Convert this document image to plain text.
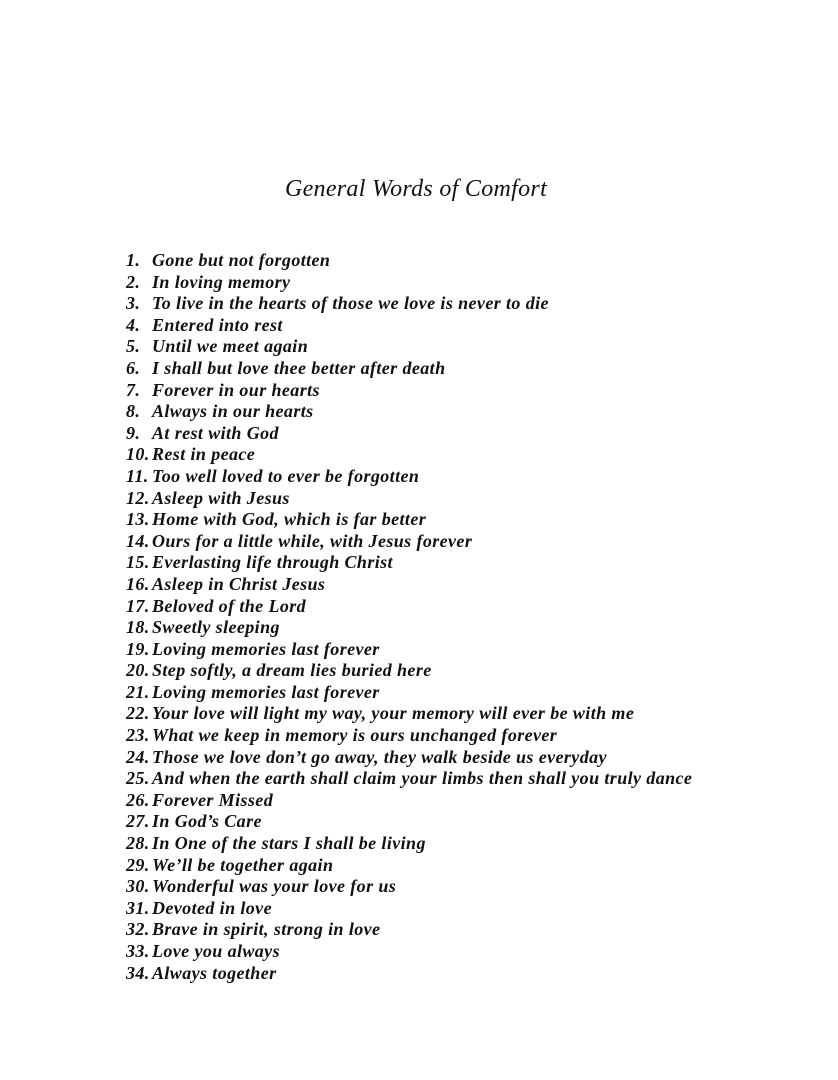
General Words of Comfort
1. Gone but not forgotten
2. In loving memory
3. To live in the hearts of those we love is never to die
4. Entered into rest
5. Until we meet again
6. I shall but love thee better after death
7. Forever in our hearts
8. Always in our hearts
9. At rest with God
10. Rest in peace
11. Too well loved to ever be forgotten
12. Asleep with Jesus
13. Home with God, which is far better
14. Ours for a little while, with Jesus forever
15. Everlasting life through Christ
16. Asleep in Christ Jesus
17. Beloved of the Lord
18. Sweetly sleeping
19. Loving memories last forever
20. Step softly, a dream lies buried here
21. Loving memories last forever
22. Your love will light my way, your memory will ever be with me
23. What we keep in memory is ours unchanged forever
24. Those we love don’t go away, they walk beside us everyday
25. And when the earth shall claim your limbs then shall you truly dance
26. Forever Missed
27. In God’s Care
28. In One of the stars I shall be living
29. We’ll be together again
30. Wonderful was your love for us
31. Devoted in love
32. Brave in spirit, strong in love
33. Love you always
34. Always together
